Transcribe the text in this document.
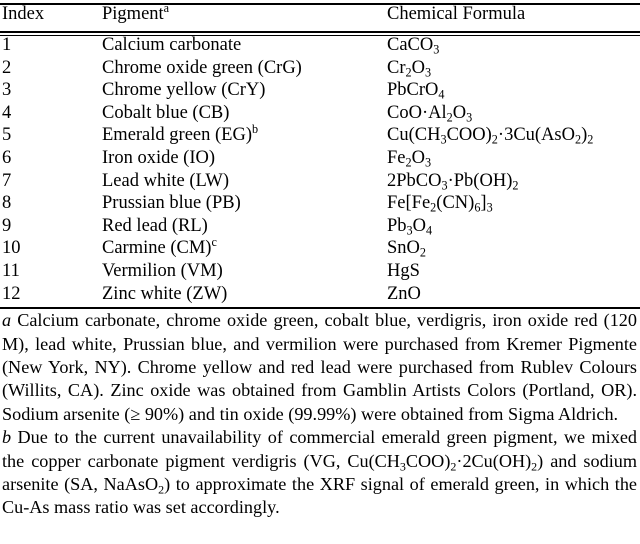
Index	Pigment$^a$	Chemical Formula
1	Calcium carbonate	CaCO$_3$
2	Chrome oxide green (CrG)	$Cr_2O_3$
3	Chrome yellow (CrY)	PbCrO$_4$
4	Cobalt blue (CB)	$CoO\cdot Al_2O_3$
5	Emerald green (EG)$^b$	$Cu(CH_3COO)_2\cdot 3Cu(AsO_2)_2$
6	Iron oxide (IO)	$Fe_2O_3$
7	Lead white (LW)	$2PbCO_3\cdot Pb(OH)_2$
8	Prussian blue (PB)	$Fe[Fe_2(CN)_6]_3$
9	Red lead (RL)	$Pb_3O_4$
10	Carmine (CM)$^c$	SnO$_2$
11	Vermilion (VM)	HgS
12	Zinc white (ZW)	ZnO

a Calcium carbonate, chrome oxide green, cobalt blue, verdigris, iron oxide red (120 M), lead white, Prussian blue, and vermilion were purchased from Kremer Pigmente (New York, NY). Chrome yellow and red lead were purchased from Rublev Colours (Willits, CA). Zinc oxide was obtained from Gamblin Artists Colors (Portland, OR). Sodium arsenite (≥ 90%) and tin oxide (99.99%) were obtained from Sigma Aldrich.

b Due to the current unavailability of commercial emerald green pigment, we mixed the copper carbonate pigment verdigris (VG, $Cu(CH_3COO)_2\cdot 2Cu(OH)_2$) and sodium arsenite (SA, NaAsO$_2$) to approximate the XRF signal of emerald green, in which the Cu-As mass ratio was set accordingly.
